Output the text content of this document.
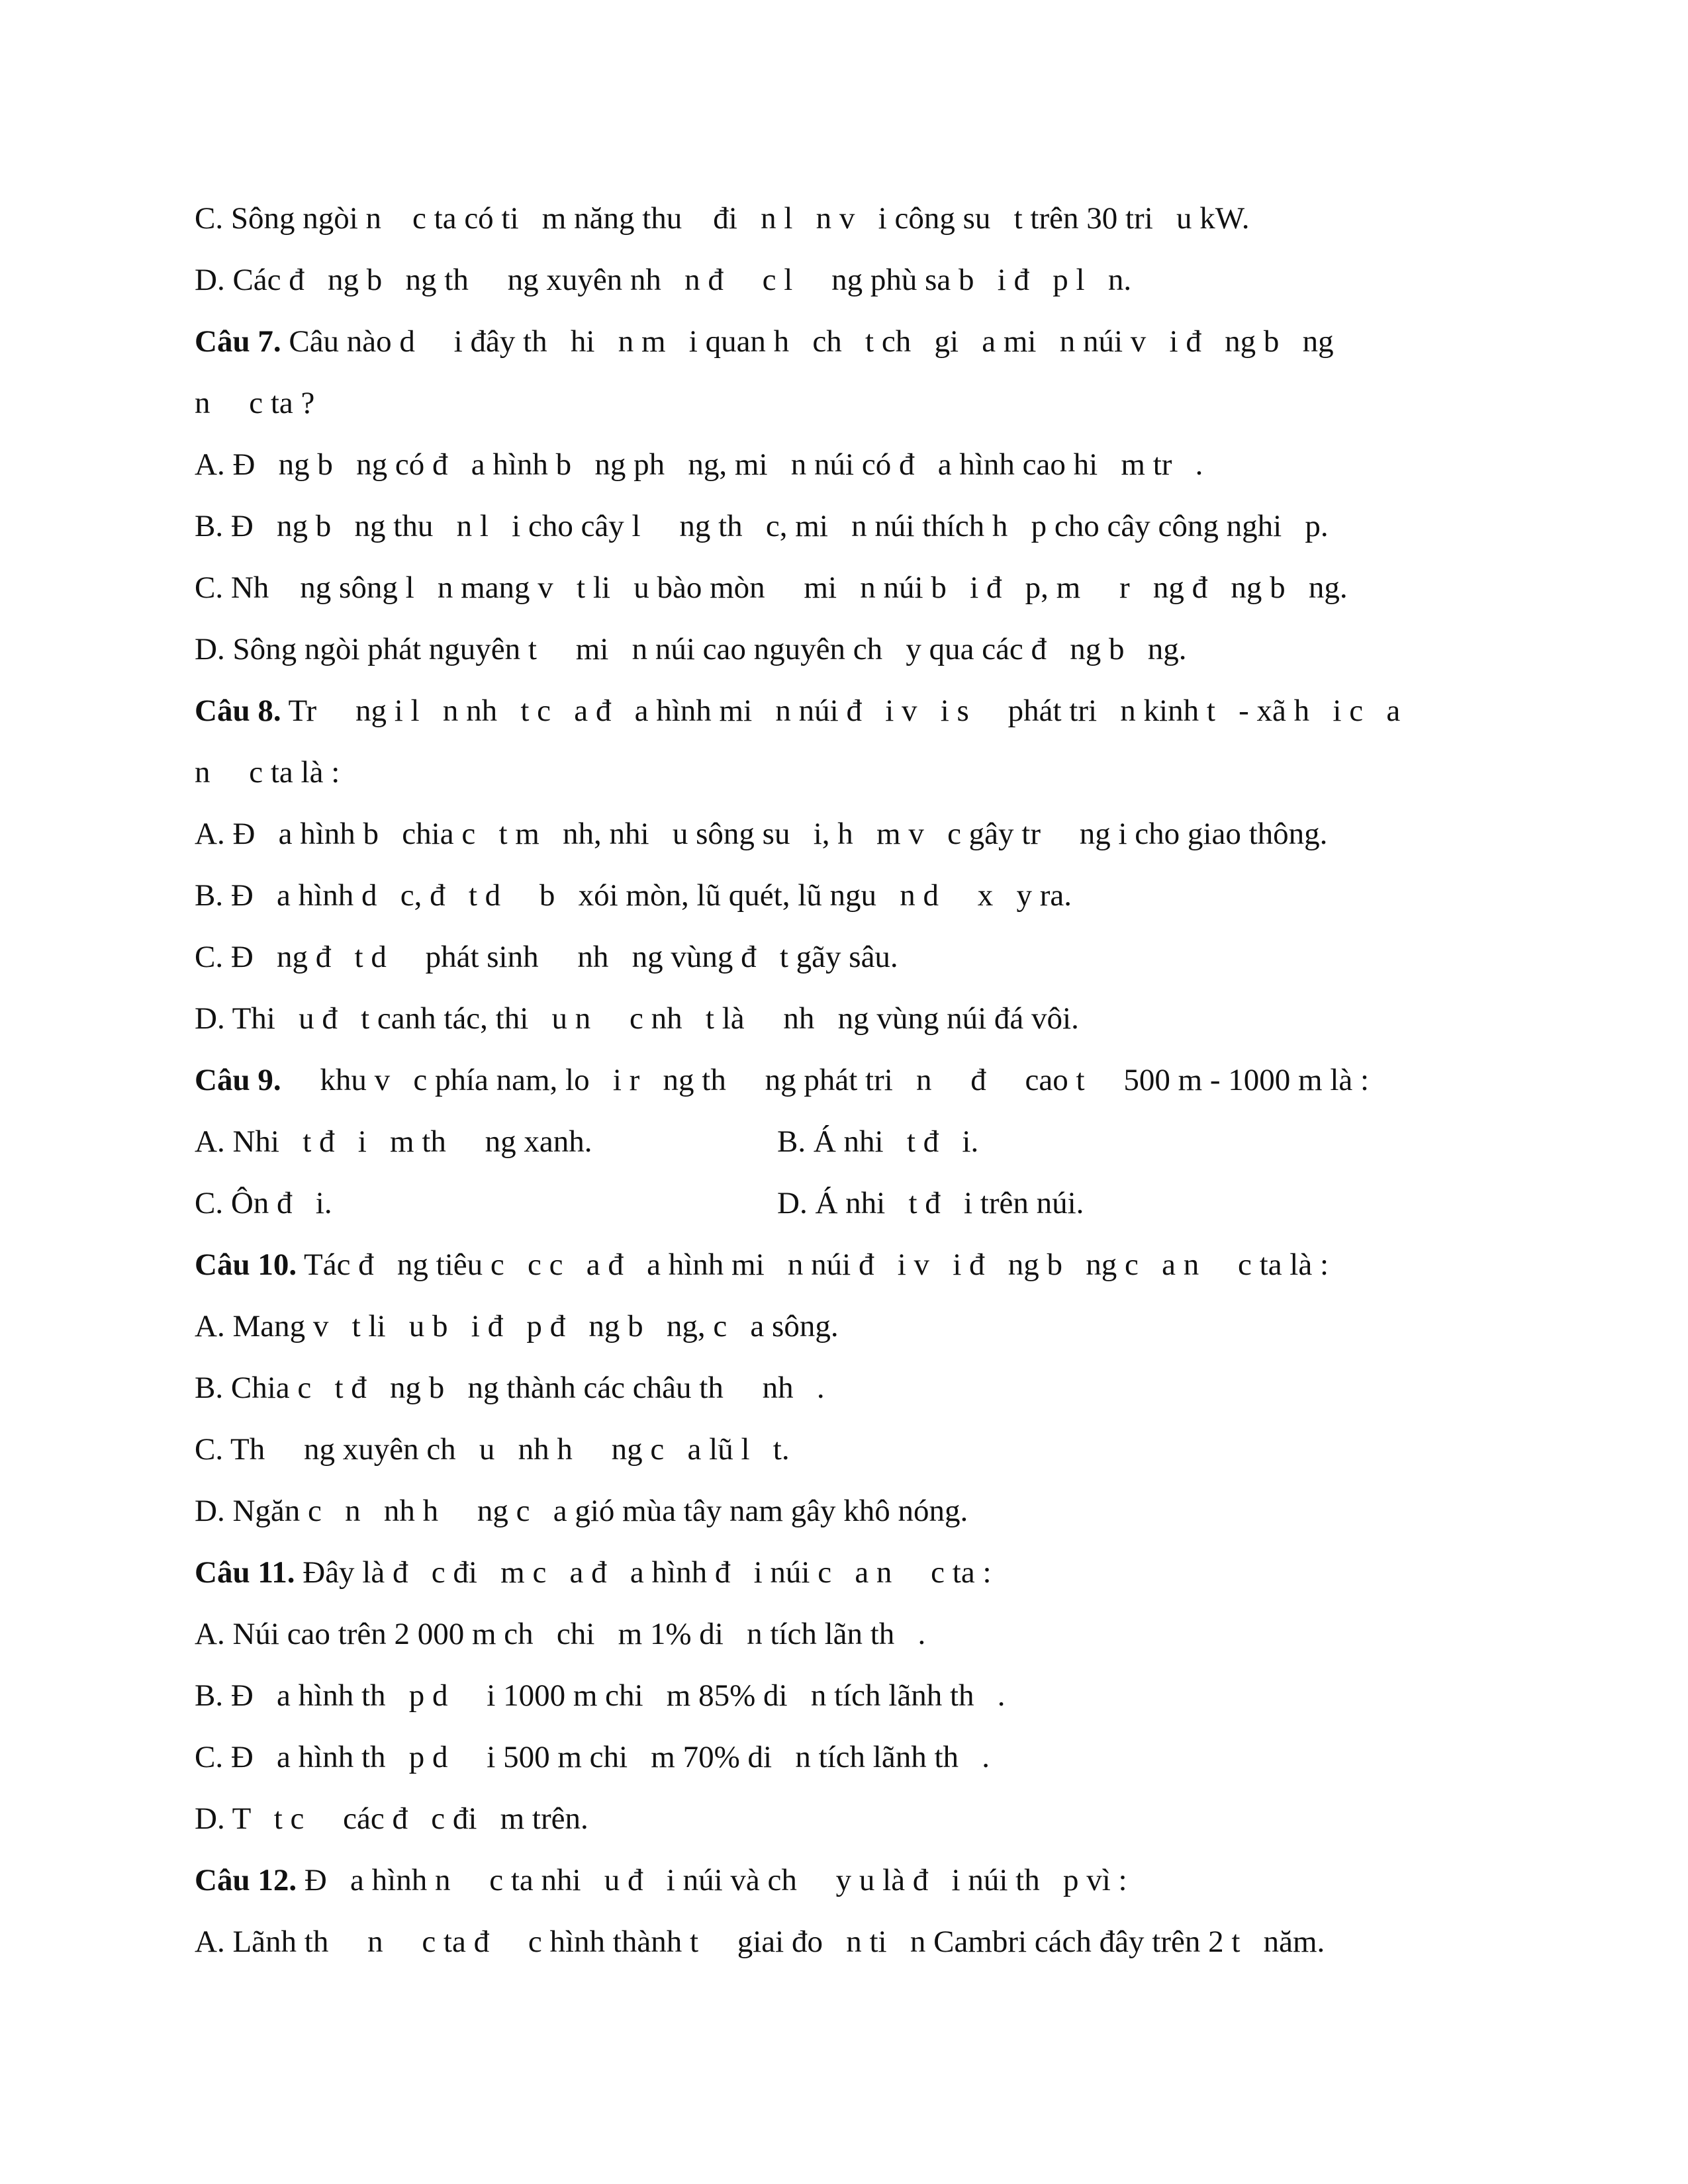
C. Sông ngòi n    c ta có ti   m năng thu    đi   n l   n v   i công su   t trên 30 tri   u kW.
D. Các đ   ng b   ng th     ng xuyên nh   n đ     c l     ng phù sa b   i đ   p l   n.
Câu 7. Câu nào d     i đây th   hi   n m   i quan h   ch   t ch   gi   a mi   n núi v   i đ   ng b   ng
n     c ta ?
A. Đ   ng b   ng có đ   a hình b   ng ph   ng, mi   n núi có đ   a hình cao hi   m tr   .
B. Đ   ng b   ng thu   n l   i cho cây l     ng th   c, mi   n núi thích h   p cho cây công nghi   p.
C. Nh    ng sông l   n mang v   t li   u bào mòn     mi   n núi b   i đ   p, m     r   ng đ   ng b   ng.
D. Sông ngòi phát nguyên t     mi   n núi cao nguyên ch   y qua các đ   ng b   ng.
Câu 8. Tr     ng i l   n nh   t c   a đ   a hình mi   n núi đ   i v   i s     phát tri   n kinh t   - xã h   i c   a
n     c ta là :
A. Đ   a hình b   chia c   t m   nh, nhi   u sông su   i, h   m v   c gây tr     ng i cho giao thông.
B. Đ   a hình d   c, đ   t d     b   xói mòn, lũ quét, lũ ngu   n d     x   y ra.
C. Đ   ng đ   t d     phát sinh     nh   ng vùng đ   t gãy sâu.
D. Thi   u đ   t canh tác, thi   u n     c nh   t là     nh   ng vùng núi đá vôi.
Câu 9.     khu v   c phía nam, lo   i r   ng th     ng phát tri   n     đ     cao t     500 m - 1000 m là :
A. Nhi   t đ   i   m th     ng xanh.	B. Á nhi   t đ   i.
C. Ôn đ   i.	D. Á nhi   t đ   i trên núi.
Câu 10. Tác đ   ng tiêu c   c c   a đ   a hình mi   n núi đ   i v   i đ   ng b   ng c   a n     c ta là :
A. Mang v   t li   u b   i đ   p đ   ng b   ng, c   a sông.
B. Chia c   t đ   ng b   ng thành các châu th     nh   .
C. Th     ng xuyên ch   u   nh h     ng c   a lũ l   t.
D. Ngăn c   n   nh h     ng c   a gió mùa tây nam gây khô nóng.
Câu 11. Đây là đ   c đi   m c   a đ   a hình đ   i núi c   a n     c ta :
A. Núi cao trên 2 000 m ch   chi   m 1% di   n tích lãn th   .
B. Đ   a hình th   p d     i 1000 m chi   m 85% di   n tích lãnh th   .
C. Đ   a hình th   p d     i 500 m chi   m 70% di   n tích lãnh th   .
D. T   t c     các đ   c đi   m trên.
Câu 12. Đ   a hình n     c ta nhi   u đ   i núi và ch     y u là đ   i núi th   p vì :
A. Lãnh th     n     c ta đ     c hình thành t     giai đo   n ti   n Cambri cách đây trên 2 t   năm.
